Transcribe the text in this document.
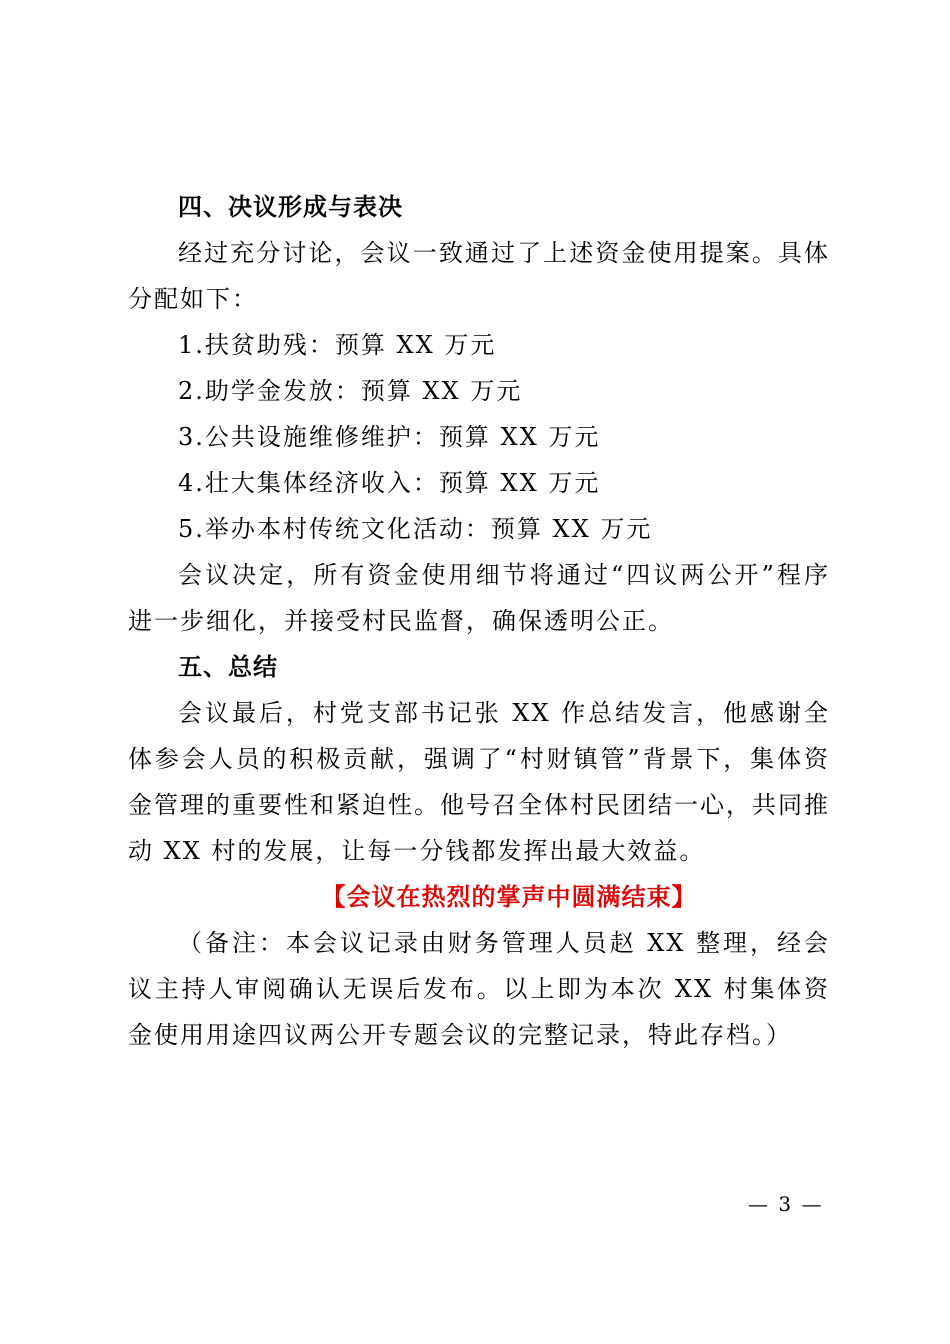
四、决议形成与表决
经过充分讨论，会议一致通过了上述资金使用提案。具体分配如下：
1.扶贫助残：预算 XX 万元
2.助学金发放：预算 XX 万元
3.公共设施维修维护：预算 XX 万元
4.壮大集体经济收入：预算 XX 万元
5.举办本村传统文化活动：预算 XX 万元
会议决定，所有资金使用细节将通过“四议两公开”程序进一步细化，并接受村民监督，确保透明公正。
五、总结
会议最后，村党支部书记张 XX 作总结发言，他感谢全体参会人员的积极贡献，强调了“村财镇管”背景下，集体资金管理的重要性和紧迫性。他号召全体村民团结一心，共同推动 XX 村的发展，让每一分钱都发挥出最大效益。
【会议在热烈的掌声中圆满结束】
（备注：本会议记录由财务管理人员赵 XX 整理，经会议主持人审阅确认无误后发布。以上即为本次 XX 村集体资金使用用途四议两公开专题会议的完整记录，特此存档。）
— 3 —
